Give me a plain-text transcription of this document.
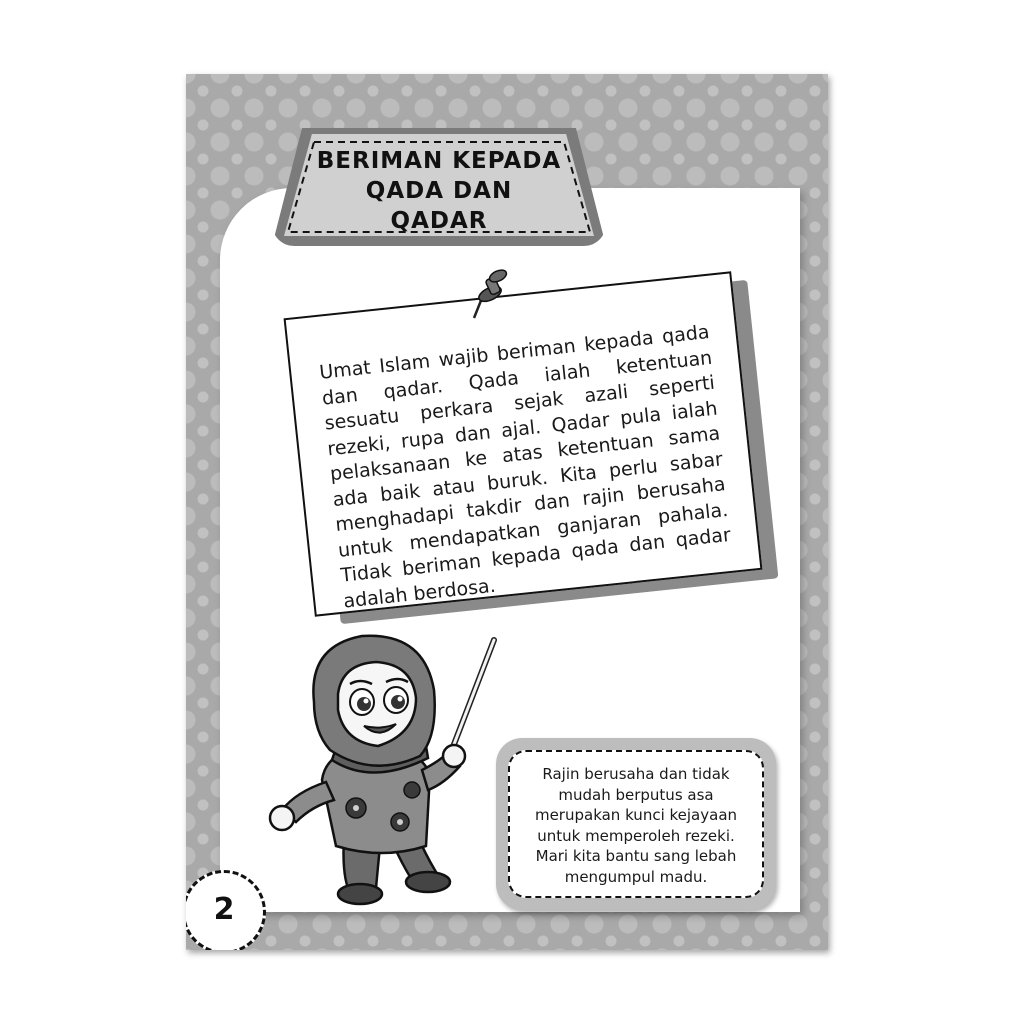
BERIMAN KEPADA
QADA DAN
QADAR
Umat Islam wajib beriman kepada qada dan qadar. Qada ialah ketentuan sesuatu perkara sejak azali seperti rezeki, rupa dan ajal. Qadar pula ialah pelaksanaan ke atas ketentuan sama ada baik atau buruk. Kita perlu sabar menghadapi takdir dan rajin berusaha untuk mendapatkan ganjaran pahala. Tidak beriman kepada qada dan qadar adalah berdosa.
Rajin berusaha dan tidak
mudah berputus asa
merupakan kunci kejayaan
untuk memperoleh rezeki.
Mari kita bantu sang lebah
mengumpul madu.
2
